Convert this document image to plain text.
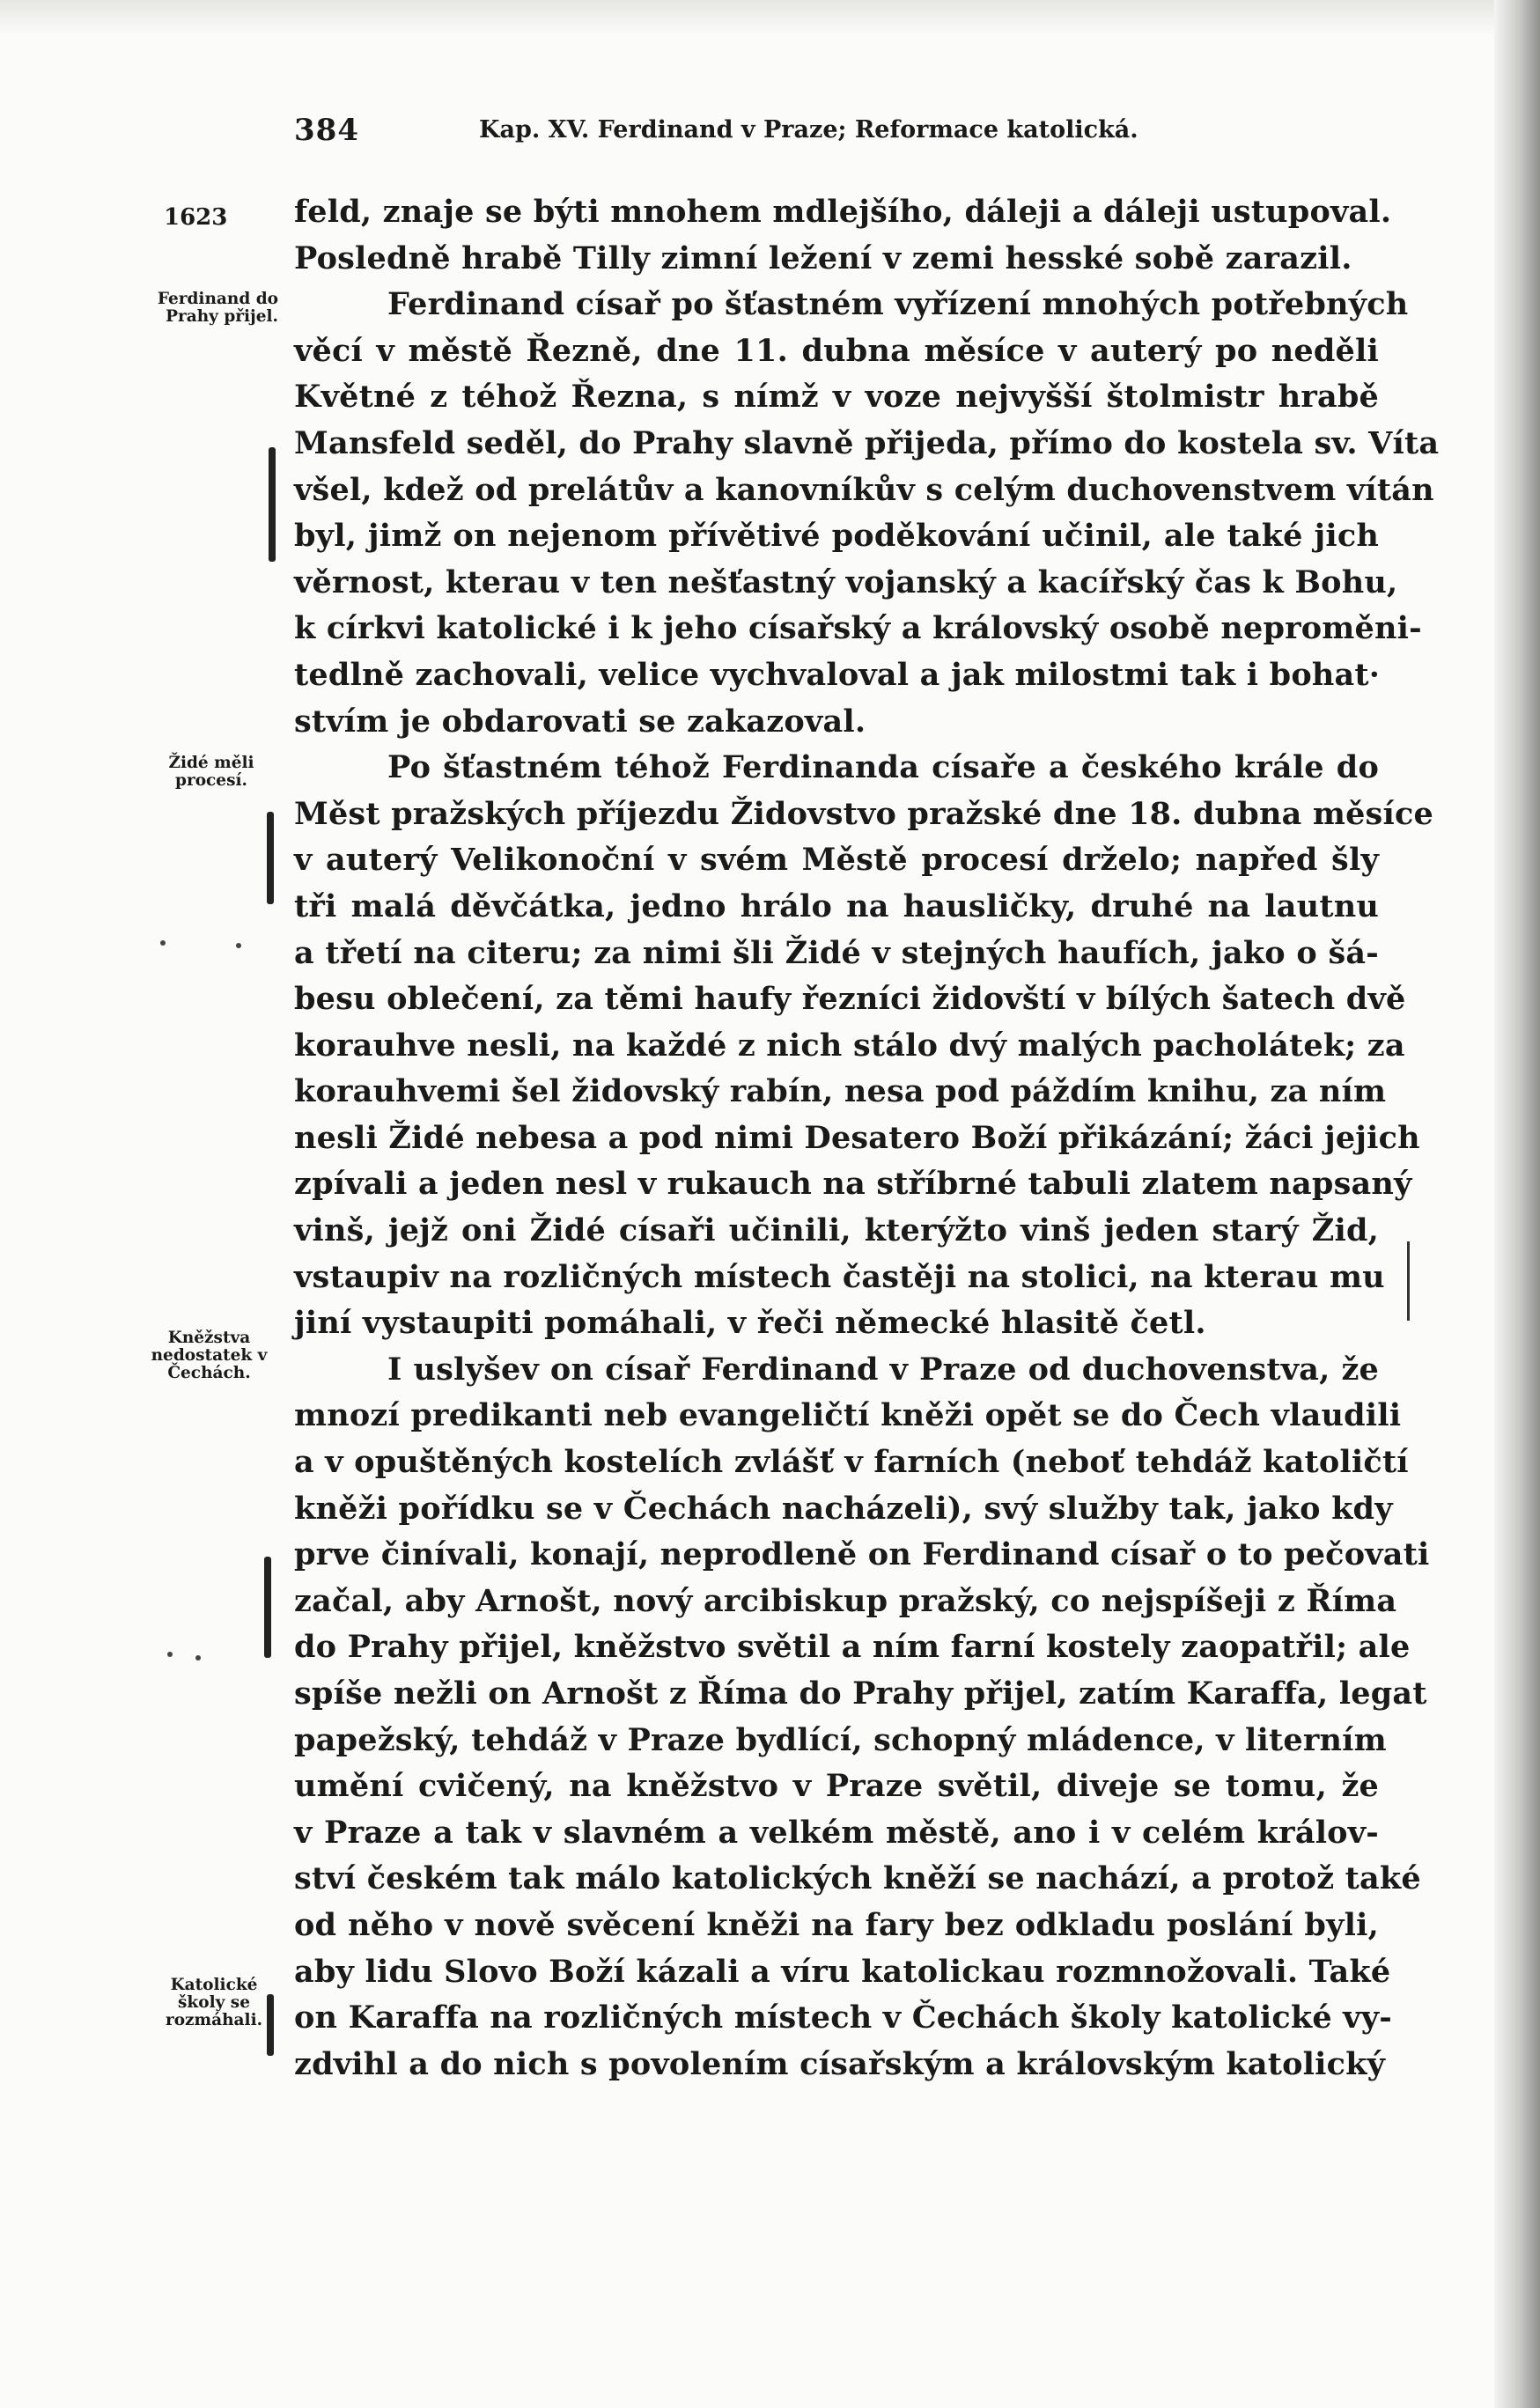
384	Kap. XV. Ferdinand v Praze; Reformace katolická.
1623
Ferdinand do Prahy přijel.
Židé měli procesí.
Kněžstva nedostatek v Čechách.
Katolické školy se rozmáhali.
feld, znaje se býti mnohem mdlejšího, dáleji a dáleji ustupoval.
Posledně hrabě Tilly zimní ležení v zemi hesské sobě zarazil.
Ferdinand císař po šťastném vyřízení mnohých potřebných
věcí v městě Řezně, dne 11. dubna měsíce v auterý po neděli
Květné z téhož Řezna, s nímž v voze nejvyšší štolmistr hrabě
Mansfeld seděl, do Prahy slavně přijeda, přímo do kostela sv. Víta
všel, kdež od prelátův a kanovníkův s celým duchovenstvem vítán
byl, jimž on nejenom přívětivé poděkování učinil, ale také jich
věrnost, kterau v ten nešťastný vojanský a kacířský čas k Bohu,
k církvi katolické i k jeho císařský a královský osobě neproměni-
tedlně zachovali, velice vychvaloval a jak milostmi tak i bohat·
stvím je obdarovati se zakazoval.
Po šťastném téhož Ferdinanda císaře a českého krále do
Měst pražských příjezdu Židovstvo pražské dne 18. dubna měsíce
v auterý Velikonoční v svém Městě procesí drželo; napřed šly
tři malá děvčátka, jedno hrálo na hausličky, druhé na lautnu
a třetí na citeru; za nimi šli Židé v stejných haufích, jako o šá-
besu oblečení, za těmi haufy řezníci židovští v bílých šatech dvě
korauhve nesli, na každé z nich stálo dvý malých pacholátek; za
korauhvemi šel židovský rabín, nesa pod páždím knihu, za ním
nesli Židé nebesa a pod nimi Desatero Boží přikázání; žáci jejich
zpívali a jeden nesl v rukauch na stříbrné tabuli zlatem napsaný
vinš, jejž oni Židé císaři učinili, kterýžto vinš jeden starý Žid,
vstaupiv na rozličných místech častěji na stolici, na kterau mu
jiní vystaupiti pomáhali, v řeči německé hlasitě četl.
I uslyšev on císař Ferdinand v Praze od duchovenstva, že
mnozí predikanti neb evangeličtí kněži opět se do Čech vlaudili
a v opuštěných kostelích zvlášť v farních (neboť tehdáž katoličtí
kněži pořídku se v Čechách nacházeli), svý služby tak, jako kdy
prve činívali, konají, neprodleně on Ferdinand císař o to pečovati
začal, aby Arnošt, nový arcibiskup pražský, co nejspíšeji z Říma
do Prahy přijel, kněžstvo světil a ním farní kostely zaopatřil; ale
spíše nežli on Arnošt z Říma do Prahy přijel, zatím Karaffa, legat
papežský, tehdáž v Praze bydlící, schopný mládence, v literním
umění cvičený, na kněžstvo v Praze světil, diveje se tomu, že
v Praze a tak v slavném a velkém městě, ano i v celém králov-
ství českém tak málo katolických kněží se nachází, a protož také
od něho v nově svěcení kněži na fary bez odkladu poslání byli,
aby lidu Slovo Boží kázali a víru katolickau rozmnožovali. Také
on Karaffa na rozličných místech v Čechách školy katolické vy-
zdvihl a do nich s povolením císařským a královským katolický
